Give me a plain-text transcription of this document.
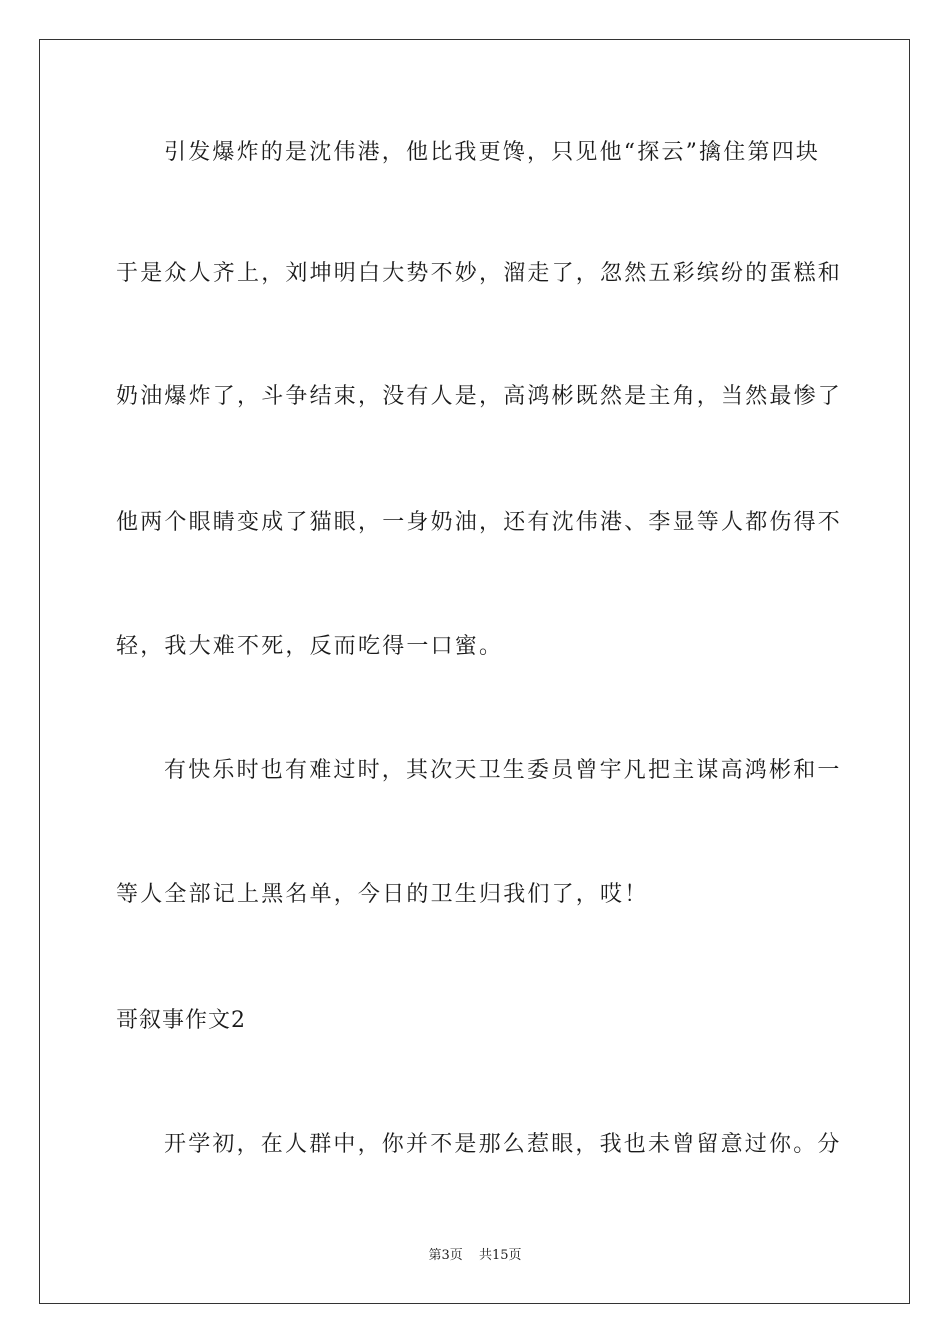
引发爆炸的是沈伟港，他比我更馋，只见他“探云”擒住第四块
于是众人齐上，刘坤明白大势不妙，溜走了，忽然五彩缤纷的蛋糕和
奶油爆炸了，斗争结束，没有人是，高鸿彬既然是主角，当然最惨了
他两个眼睛变成了猫眼，一身奶油，还有沈伟港、李显等人都伤得不
轻，我大难不死，反而吃得一口蜜。
有快乐时也有难过时，其次天卫生委员曾宇凡把主谋高鸿彬和一
等人全部记上黑名单，今日的卫生归我们了，哎！
哥叙事作文2
开学初，在人群中，你并不是那么惹眼，我也未曾留意过你。分
第3页 共15页
